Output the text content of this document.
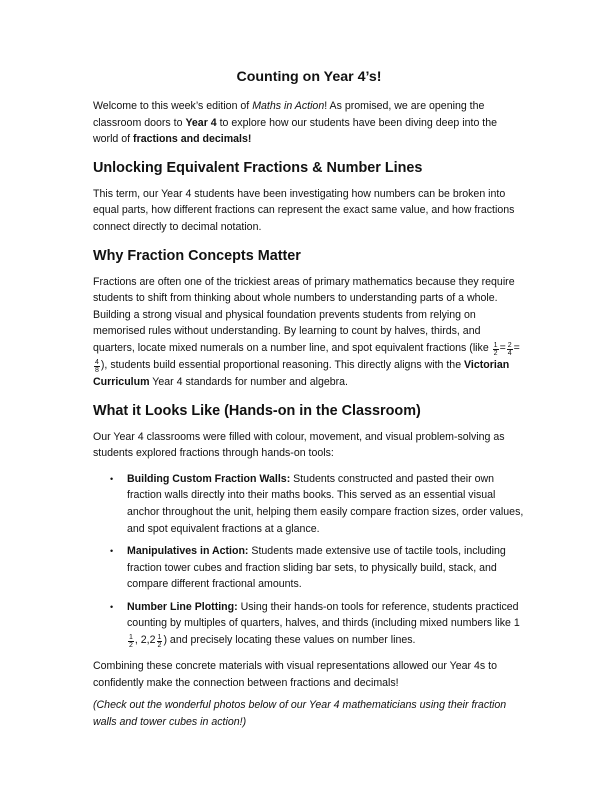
Counting on Year 4’s!

Welcome to this week’s edition of Maths in Action! As promised, we are opening the classroom doors to Year 4 to explore how our students have been diving deep into the world of fractions and decimals!

Unlocking Equivalent Fractions & Number Lines

This term, our Year 4 students have been investigating how numbers can be broken into equal parts, how different fractions can represent the exact same value, and how fractions connect directly to decimal notation.

Why Fraction Concepts Matter

Fractions are often one of the trickiest areas of primary mathematics because they require students to shift from thinking about whole numbers to understanding parts of a whole. Building a strong visual and physical foundation prevents students from relying on memorised rules without understanding. By learning to count by halves, thirds, and quarters, locate mixed numerals on a number line, and spot equivalent fractions (like $\frac{1}{2} = \frac{2}{4}$ =
$\frac{4}{8}$ ), students build essential proportional reasoning. This directly aligns with the Victorian Curriculum Year 4 standards for number and algebra.

What it Looks Like (Hands-on in the Classroom)

Our Year 4 classrooms were filled with colour, movement, and visual problem-solving as students explored fractions through hands-on tools:

• Building Custom Fraction Walls: Students constructed and pasted their own fraction walls directly into their maths books. This served as an essential visual anchor throughout the unit, helping them easily compare fraction sizes, order values, and spot equivalent fractions at a glance.
• Manipulatives in Action: Students made extensive use of tactile tools, including fraction tower cubes and fraction sliding bar sets, to physically build, stack, and compare different fractional amounts.
• Number Line Plotting: Using their hands-on tools for reference, students practiced counting by multiples of quarters, halves, and thirds (including mixed numbers like 1
$\frac{1}{2}$ , $2,2 \frac{1}{2}$ ) and precisely locating these values on number lines.

Combining these concrete materials with visual representations allowed our Year 4s to confidently make the connection between fractions and decimals!

(Check out the wonderful photos below of our Year 4 mathematicians using their fraction walls and tower cubes in action!)
